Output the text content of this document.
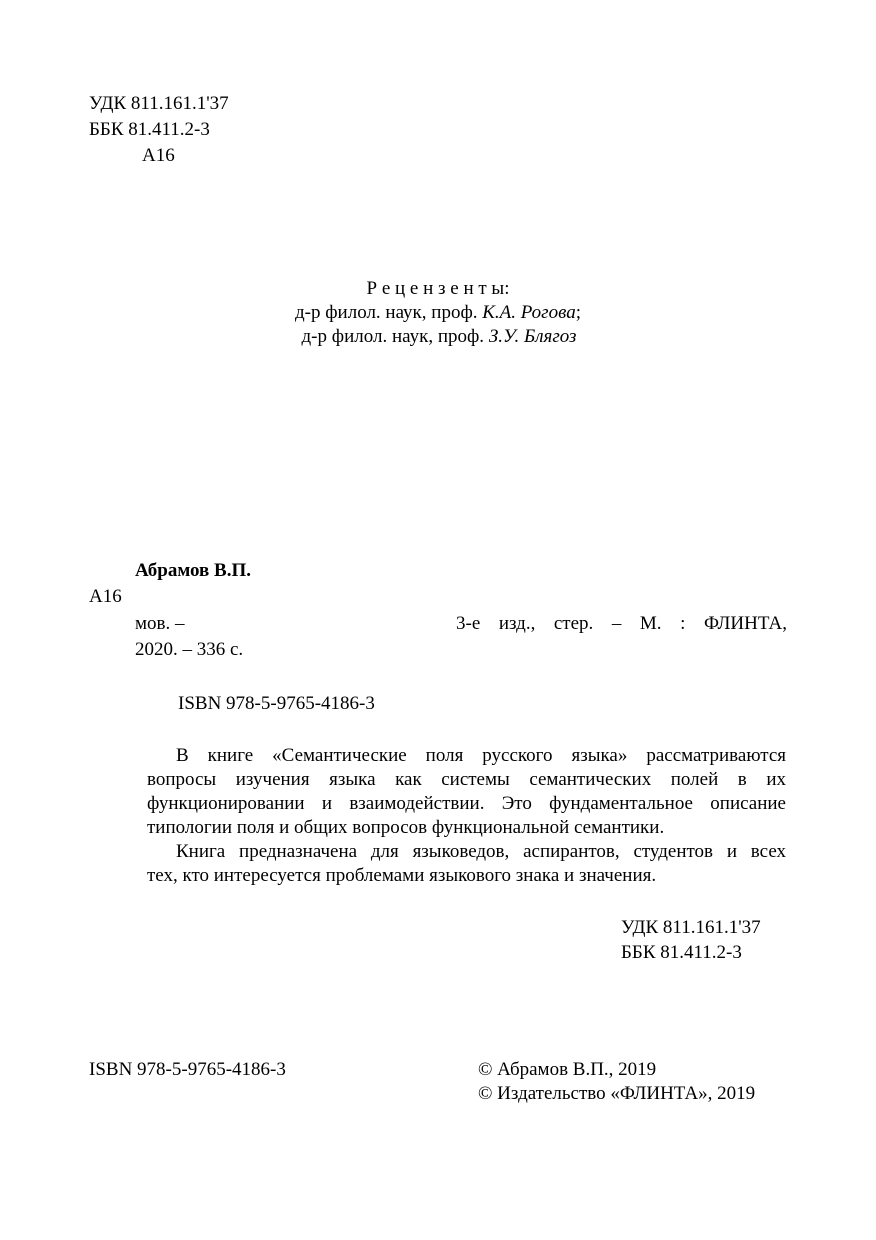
УДК 811.161.1'37
ББК 81.411.2-3
А16
Р е ц е н з е н т ы:
д-р филол. наук, проф. К.А. Рогова;
д-р филол. наук, проф. З.У. Блягоз
Абрамов В.П.
А16
мов. –	3-е изд., стер. – М. : ФЛИНТА,
2020. – 336 с.
ISBN 978-5-9765-4186-3
В книге «Семантические поля русского языка» рассматриваются
вопросы изучения языка как системы семантических полей в их
функционировании и взаимодействии. Это фундаментальное описание
типологии поля и общих вопросов функциональной семантики.
Книга предназначена для языковедов, аспирантов, студентов и всех
тех, кто интересуется проблемами языкового знака и значения.
УДК 811.161.1'37
ББК 81.411.2-3
ISBN 978-5-9765-4186-3	© Абрамов В.П., 2019
© Издательство «ФЛИНТА», 2019
